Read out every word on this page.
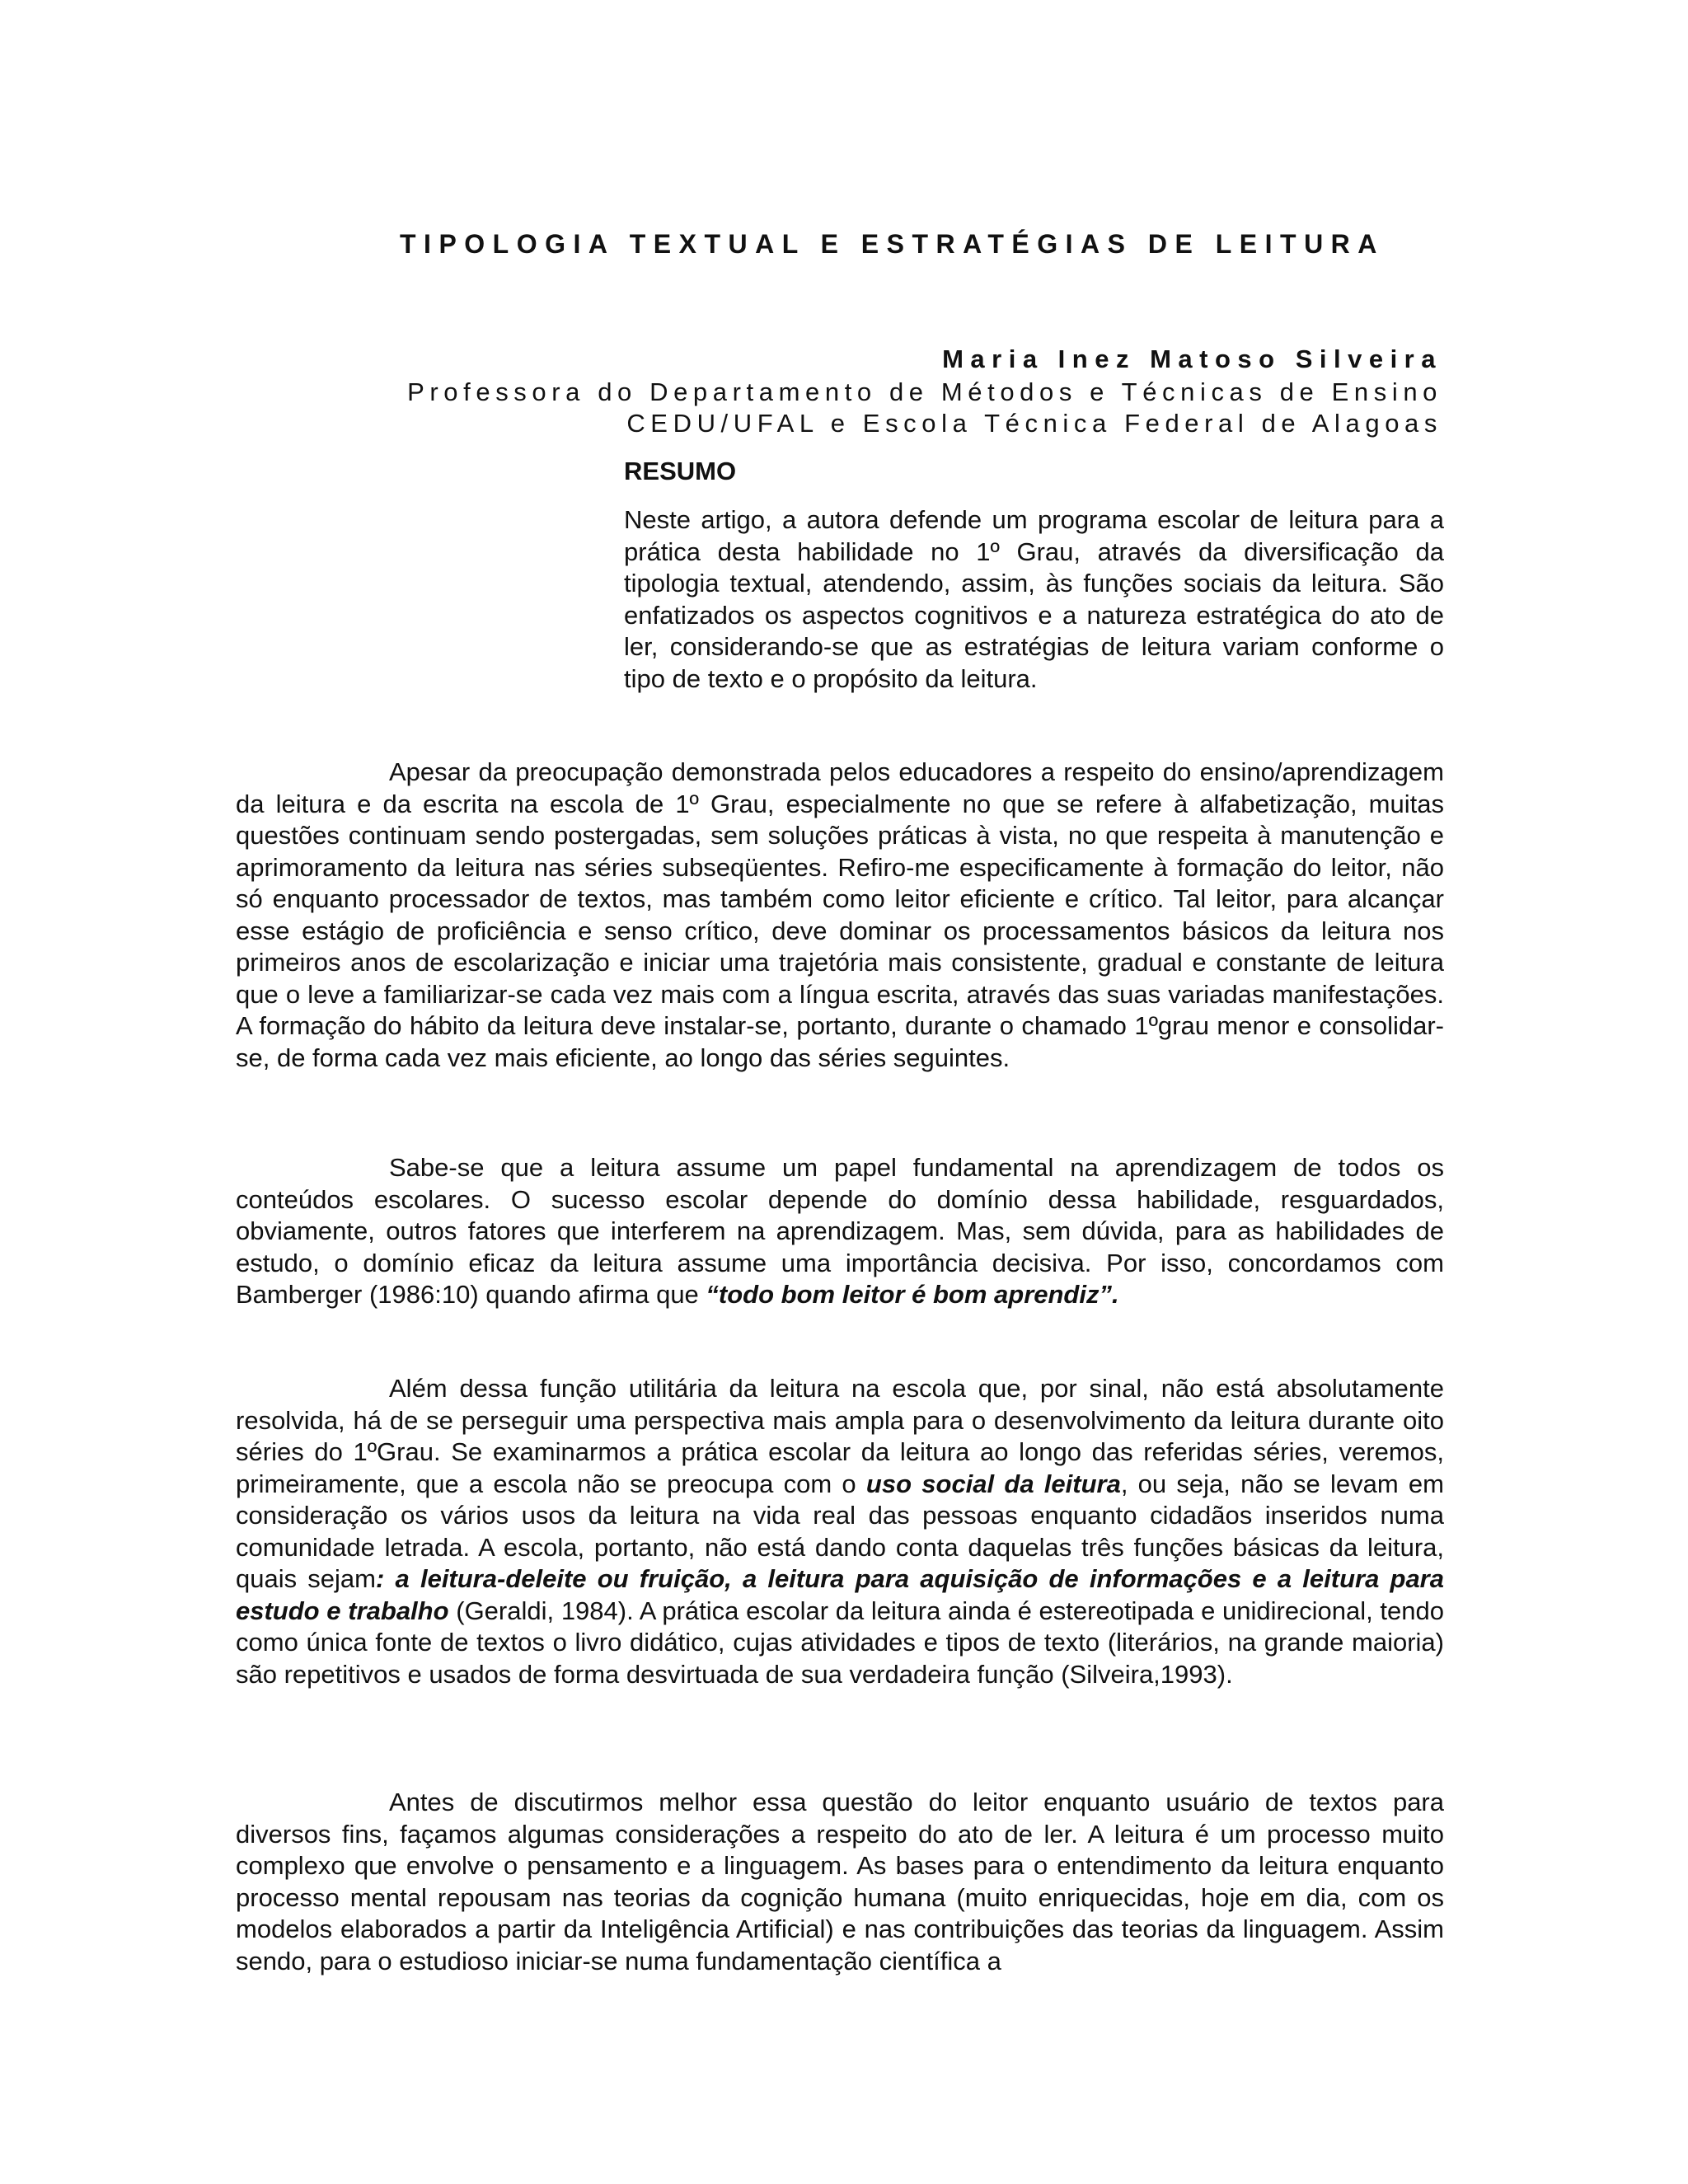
TIPOLOGIA TEXTUAL E ESTRATÉGIAS DE LEITURA
Maria Inez Matoso Silveira
Professora do Departamento de Métodos e Técnicas de Ensino
CEDU/UFAL e Escola Técnica Federal de Alagoas
RESUMO
Neste artigo, a autora defende um programa escolar de leitura para a prática desta habilidade no 1º Grau, através da diversificação da tipologia textual, atendendo, assim, às funções sociais da leitura. São enfatizados os aspectos cognitivos e a natureza estratégica do ato de ler, considerando-se que as estratégias de leitura variam conforme o tipo de texto e o propósito da leitura.

Apesar da preocupação demonstrada pelos educadores a respeito do ensino/aprendizagem da leitura e da escrita na escola de 1º Grau, especialmente no que se refere à alfabetização, muitas questões continuam sendo postergadas, sem soluções práticas à vista, no que respeita à manutenção e aprimoramento da leitura nas séries subseqüentes. Refiro-me especificamente à formação do leitor, não só enquanto processador de textos, mas também como leitor eficiente e crítico. Tal leitor, para alcançar esse estágio de proficiência e senso crítico, deve dominar os processamentos básicos da leitura nos primeiros anos de escolarização e iniciar uma trajetória mais consistente, gradual e constante de leitura que o leve a familiarizar-se cada vez mais com a língua escrita, através das suas variadas manifestações. A formação do hábito da leitura deve instalar-se, portanto, durante o chamado 1ºgrau menor e consolidar-se, de forma cada vez mais eficiente, ao longo das séries seguintes.

Sabe-se que a leitura assume um papel fundamental na aprendizagem de todos os conteúdos escolares. O sucesso escolar depende do domínio dessa habilidade, resguardados, obviamente, outros fatores que interferem na aprendizagem. Mas, sem dúvida, para as habilidades de estudo, o domínio eficaz da leitura assume uma importância decisiva. Por isso, concordamos com Bamberger (1986:10) quando afirma que “todo bom leitor é bom aprendiz”.

Além dessa função utilitária da leitura na escola que, por sinal, não está absolutamente resolvida, há de se perseguir uma perspectiva mais ampla para o desenvolvimento da leitura durante oito séries do 1ºGrau. Se examinarmos a prática escolar da leitura ao longo das referidas séries, veremos, primeiramente, que a escola não se preocupa com o uso social da leitura, ou seja, não se levam em consideração os vários usos da leitura na vida real das pessoas enquanto cidadãos inseridos numa comunidade letrada. A escola, portanto, não está dando conta daquelas três funções básicas da leitura, quais sejam: a leitura-deleite ou fruição, a leitura para aquisição de informações e a leitura para estudo e trabalho (Geraldi, 1984). A prática escolar da leitura ainda é estereotipada e unidirecional, tendo como única fonte de textos o livro didático, cujas atividades e tipos de texto (literários, na grande maioria) são repetitivos e usados de forma desvirtuada de sua verdadeira função (Silveira,1993).

Antes de discutirmos melhor essa questão do leitor enquanto usuário de textos para diversos fins, façamos algumas considerações a respeito do ato de ler. A leitura é um processo muito complexo que envolve o pensamento e a linguagem. As bases para o entendimento da leitura enquanto processo mental repousam nas teorias da cognição humana (muito enriquecidas, hoje em dia, com os modelos elaborados a partir da Inteligência Artificial) e nas contribuições das teorias da linguagem. Assim sendo, para o estudioso iniciar-se numa fundamentação científica a
